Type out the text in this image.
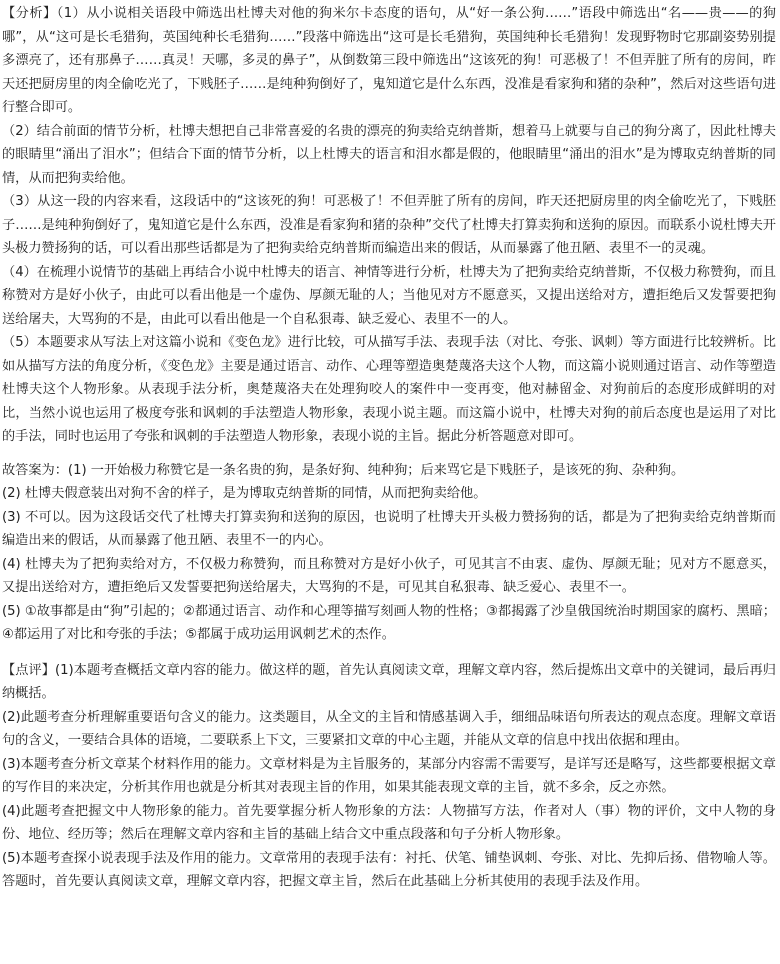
【分析】（1）从小说相关语段中筛选出杜博夫对他的狗米尔卡态度的语句，从“好一条公狗……”语段中筛选出“名——贵——的狗哪”，从“这可是长毛猎狗，英国纯种长毛猎狗……”段落中筛选出“这可是长毛猎狗，英国纯种长毛猎狗！发现野物时它那副姿势别提多漂亮了，还有那鼻子……真灵！天哪，多灵的鼻子”，从倒数第三段中筛选出“这该死的狗！可恶极了！不但弄脏了所有的房间，昨天还把厨房里的肉全偷吃光了，下贱胚子……是纯种狗倒好了，鬼知道它是什么东西，没准是看家狗和猪的杂种”，然后对这些语句进行整合即可。

（2）结合前面的情节分析，杜博夫想把自己非常喜爱的名贵的漂亮的狗卖给克纳普斯，想着马上就要与自己的狗分离了，因此杜博夫的眼睛里“涌出了泪水”；但结合下面的情节分析，以上杜博夫的语言和泪水都是假的，他眼睛里“涌出的泪水”是为博取克纳普斯的同情，从而把狗卖给他。

（3）从这一段的内容来看，这段话中的“这该死的狗！可恶极了！不但弄脏了所有的房间，昨天还把厨房里的肉全偷吃光了，下贱胚子……是纯种狗倒好了，鬼知道它是什么东西，没准是看家狗和猪的杂种”交代了杜博夫打算卖狗和送狗的原因。而联系小说杜博夫开头极力赞扬狗的话，可以看出那些话都是为了把狗卖给克纳普斯而编造出来的假话，从而暴露了他丑陋、表里不一的灵魂。

（4）在梳理小说情节的基础上再结合小说中杜博夫的语言、神情等进行分析，杜博夫为了把狗卖给克纳普斯，不仅极力称赞狗，而且称赞对方是好小伙子，由此可以看出他是一个虚伪、厚颜无耻的人；当他见对方不愿意买，又提出送给对方，遭拒绝后又发誓要把狗送给屠夫，大骂狗的不是，由此可以看出他是一个自私狠毒、缺乏爱心、表里不一的人。

（5）本题要求从写法上对这篇小说和《变色龙》进行比较，可从描写手法、表现手法（对比、夸张、讽刺）等方面进行比较辨析。比如从描写方法的角度分析，《变色龙》主要是通过语言、动作、心理等塑造奥楚蔑洛夫这个人物，而这篇小说则通过语言、动作等塑造杜博夫这个人物形象。从表现手法分析，奥楚蔑洛夫在处理狗咬人的案件中一变再变，他对赫留金、对狗前后的态度形成鲜明的对比，当然小说也运用了极度夸张和讽刺的手法塑造人物形象，表现小说主题。而这篇小说中，杜博夫对狗的前后态度也是运用了对比的手法，同时也运用了夸张和讽刺的手法塑造人物形象，表现小说的主旨。据此分析答题意对即可。

故答案为：(1) 一开始极力称赞它是一条名贵的狗，是条好狗、纯种狗；后来骂它是下贱胚子，是该死的狗、杂种狗。

(2) 杜博夫假意装出对狗不舍的样子，是为博取克纳普斯的同情，从而把狗卖给他。

(3) 不可以。因为这段话交代了杜博夫打算卖狗和送狗的原因，也说明了杜博夫开头极力赞扬狗的话，都是为了把狗卖给克纳普斯而编造出来的假话，从而暴露了他丑陋、表里不一的内心。

(4) 杜博夫为了把狗卖给对方，不仅极力称赞狗，而且称赞对方是好小伙子，可见其言不由衷、虚伪、厚颜无耻；见对方不愿意买，又提出送给对方，遭拒绝后又发誓要把狗送给屠夫，大骂狗的不是，可见其自私狠毒、缺乏爱心、表里不一。

(5) ①故事都是由“狗”引起的；②都通过语言、动作和心理等描写刻画人物的性格；③都揭露了沙皇俄国统治时期国家的腐朽、黑暗；④都运用了对比和夸张的手法；⑤都属于成功运用讽刺艺术的杰作。

【点评】(1)本题考查概括文章内容的能力。做这样的题，首先认真阅读文章，理解文章内容，然后提炼出文章中的关键词，最后再归纳概括。

(2)此题考查分析理解重要语句含义的能力。这类题目，从全文的主旨和情感基调入手，细细品味语句所表达的观点态度。理解文章语句的含义，一要结合具体的语境，二要联系上下文，三要紧扣文章的中心主题，并能从文章的信息中找出依据和理由。

(3)本题考查分析文章某个材料作用的能力。文章材料是为主旨服务的，某部分内容需不需要写，是详写还是略写，这些都要根据文章的写作目的来决定，分析其作用也就是分析其对表现主旨的作用，如果其能表现文章的主旨，就不多余，反之亦然。

(4)此题考查把握文中人物形象的能力。首先要掌握分析人物形象的方法：人物描写方法，作者对人（事）物的评价，文中人物的身份、地位、经历等；然后在理解文章内容和主旨的基础上结合文中重点段落和句子分析人物形象。

(5)本题考查探小说表现手法及作用的能力。文章常用的表现手法有：衬托、伏笔、铺垫讽刺、夸张、对比、先抑后扬、借物喻人等。答题时，首先要认真阅读文章，理解文章内容，把握文章主旨，然后在此基础上分析其使用的表现手法及作用。
